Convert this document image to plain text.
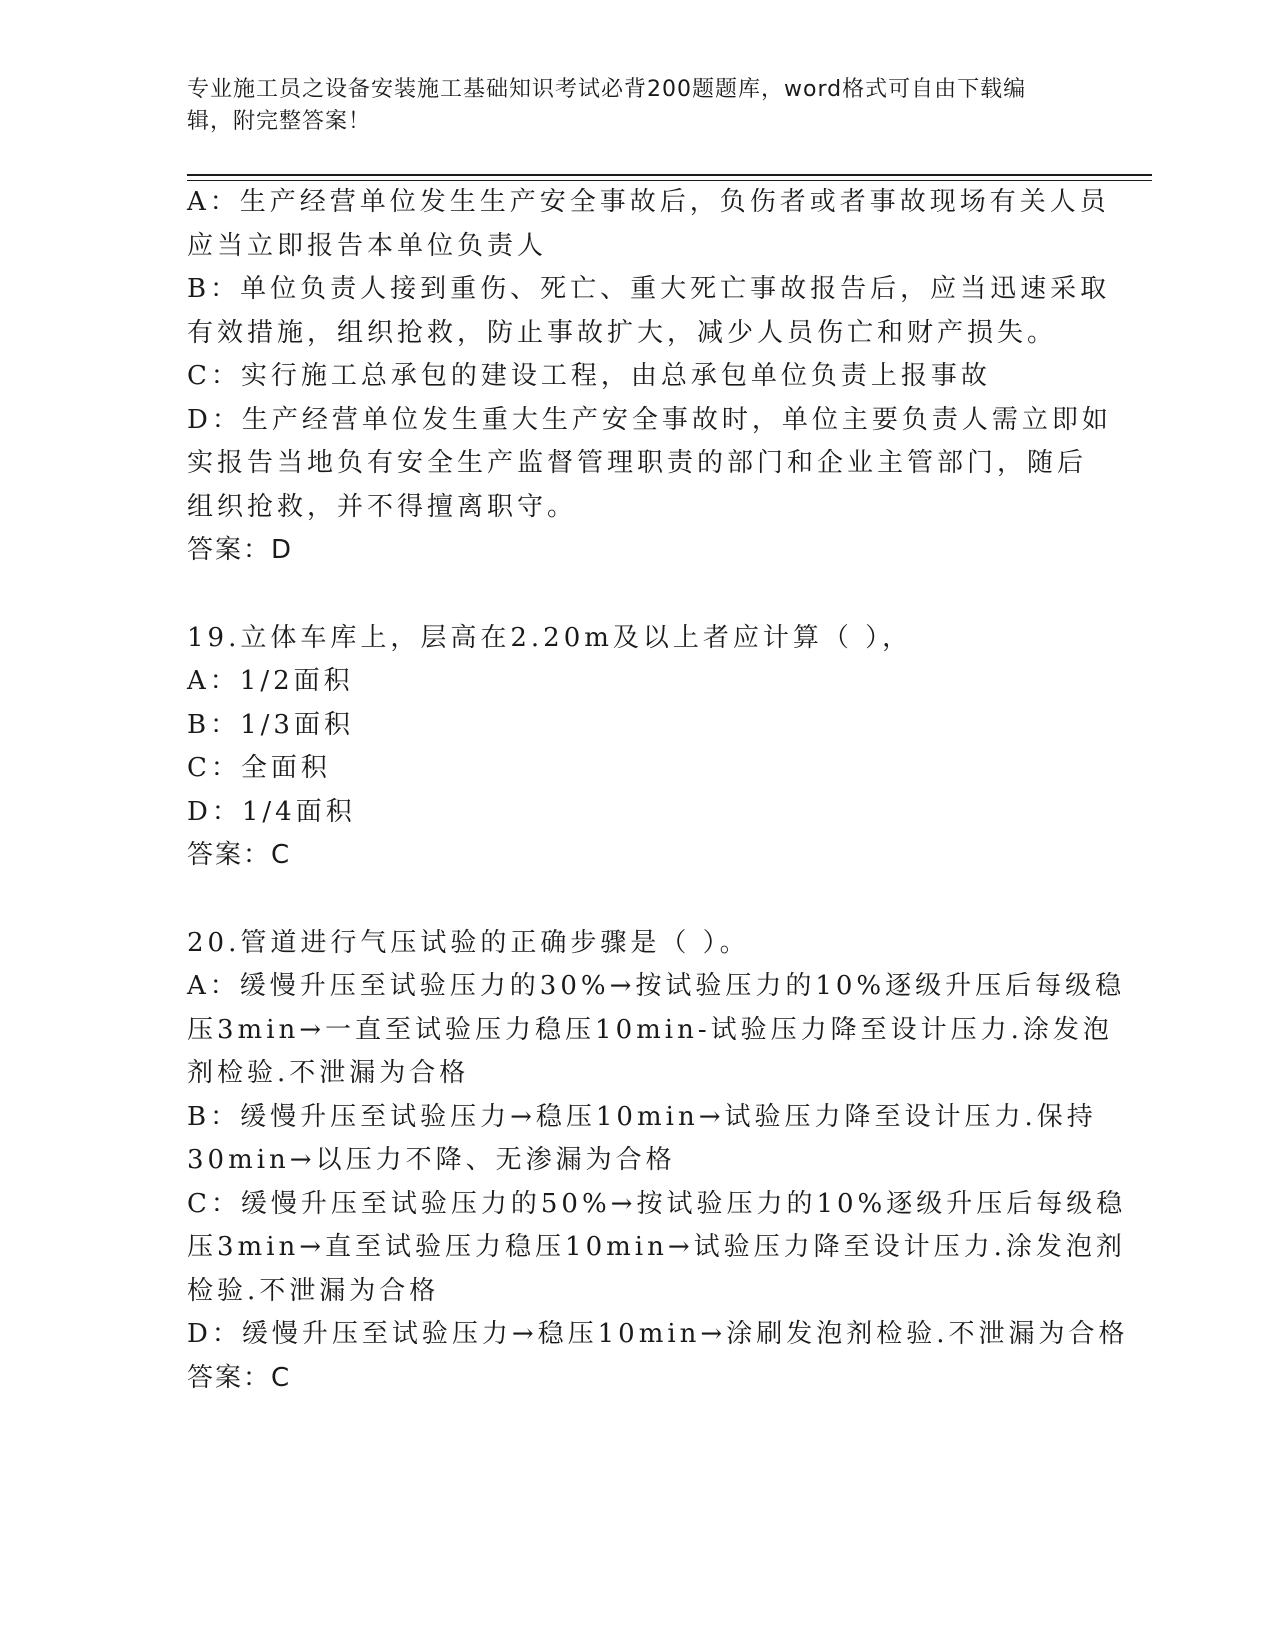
专业施工员之设备安装施工基础知识考试必背200题题库，word格式可自由下载编辑，附完整答案！
A：生产经营单位发生生产安全事故后，负伤者或者事故现场有关人员
应当立即报告本单位负责人
B：单位负责人接到重伤、死亡、重大死亡事故报告后，应当迅速采取
有效措施，组织抢救，防止事故扩大，减少人员伤亡和财产损失。
C：实行施工总承包的建设工程，由总承包单位负责上报事故
D：生产经营单位发生重大生产安全事故时，单位主要负责人需立即如
实报告当地负有安全生产监督管理职责的部门和企业主管部门，随后
组织抢救，并不得擅离职守。
答案：D
19.立体车库上，层高在2.20m及以上者应计算（ ），
A：1/2面积
B：1/3面积
C：全面积
D：1/4面积
答案：C
20.管道进行气压试验的正确步骤是（ ）。
A：缓慢升压至试验压力的30%→按试验压力的10%逐级升压后每级稳
压3min→一直至试验压力稳压10min-试验压力降至设计压力.涂发泡
剂检验.不泄漏为合格
B：缓慢升压至试验压力→稳压10min→试验压力降至设计压力.保持
30min→以压力不降、无渗漏为合格
C：缓慢升压至试验压力的50%→按试验压力的10%逐级升压后每级稳
压3min→直至试验压力稳压10min→试验压力降至设计压力.涂发泡剂
检验.不泄漏为合格
D：缓慢升压至试验压力→稳压10min→涂刷发泡剂检验.不泄漏为合格
答案：C
